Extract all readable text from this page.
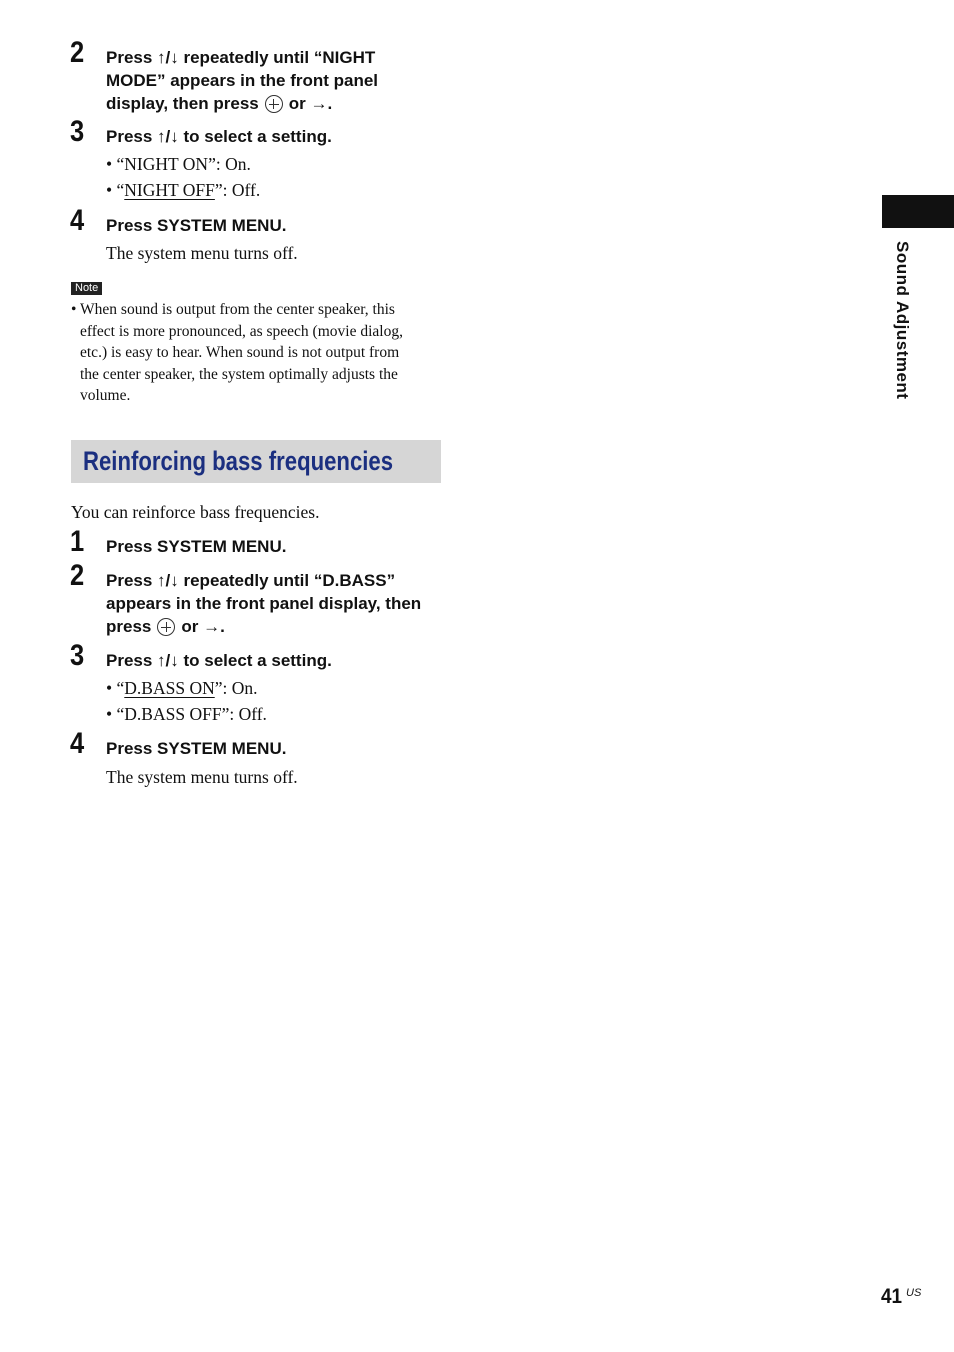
2 Press ↑/↓ repeatedly until “NIGHT
MODE” appears in the front panel
display, then press or →.
3 Press ↑/↓ to select a setting.
• “NIGHT ON”: On.
• “NIGHT OFF”: Off.
4 Press SYSTEM MENU.
The system menu turns off.
Note
• When sound is output from the center speaker, this
effect is more pronounced, as speech (movie dialog,
etc.) is easy to hear. When sound is not output from
the center speaker, the system optimally adjusts the
volume.
Reinforcing bass frequencies
You can reinforce bass frequencies.
1 Press SYSTEM MENU.
2 Press ↑/↓ repeatedly until “D.BASS”
appears in the front panel display, then
press or →.
3 Press ↑/↓ to select a setting.
• “D.BASS ON”: On.
• “D.BASS OFF”: Off.
4 Press SYSTEM MENU.
The system menu turns off.
Sound Adjustment
41 US
